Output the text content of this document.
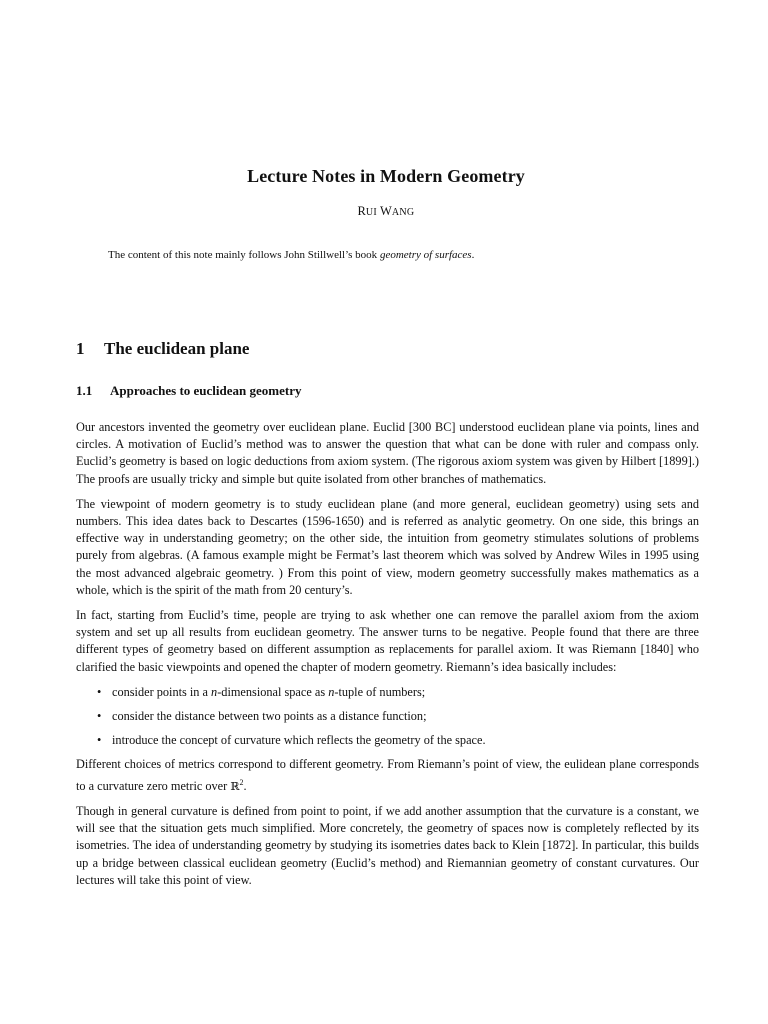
Lecture Notes in Modern Geometry
RUI WANG
The content of this note mainly follows John Stillwell’s book geometry of surfaces.
1 The euclidean plane
1.1 Approaches to euclidean geometry

Our ancestors invented the geometry over euclidean plane. Euclid [300 BC] understood euclidean plane via points, lines and circles. A motivation of Euclid’s method was to answer the question that what can be done with ruler and compass only. Euclid’s geometry is based on logic deductions from axiom system. (The rigorous axiom system was given by Hilbert [1899].) The proofs are usually tricky and simple but quite isolated from other branches of mathematics.

The viewpoint of modern geometry is to study euclidean plane (and more general, euclidean geometry) using sets and numbers. This idea dates back to Descartes (1596-1650) and is referred as analytic geometry. On one side, this brings an effective way in understanding geometry; on the other side, the intuition from geometry stimulates solutions of problems purely from algebras. (A famous example might be Fermat’s last theorem which was solved by Andrew Wiles in 1995 using the most advanced algebraic geometry. ) From this point of view, modern geometry successfully makes mathematics as a whole, which is the spirit of the math from 20 century’s.

In fact, starting from Euclid’s time, people are trying to ask whether one can remove the parallel axiom from the axiom system and set up all results from euclidean geometry. The answer turns to be negative. People found that there are three different types of geometry based on different assumption as replacements for parallel axiom. It was Riemann [1840] who clarified the basic viewpoints and opened the chapter of modern geometry. Riemann’s idea basically includes:

• consider points in a n-dimensional space as n-tuple of numbers;
• consider the distance between two points as a distance function;
• introduce the concept of curvature which reflects the geometry of the space.

Different choices of metrics correspond to different geometry. From Riemann’s point of view, the eulidean plane corresponds to a curvature zero metric over ℝ$^2$.

Though in general curvature is defined from point to point, if we add another assumption that the curvature is a constant, we will see that the situation gets much simplified. More concretely, the geometry of spaces now is completely reflected by its isometries. The idea of understanding geometry by studying its isometries dates back to Klein [1872]. In particular, this builds up a bridge between classical euclidean geometry (Euclid’s method) and Riemannian geometry of constant curvatures. Our lectures will take this point of view.
